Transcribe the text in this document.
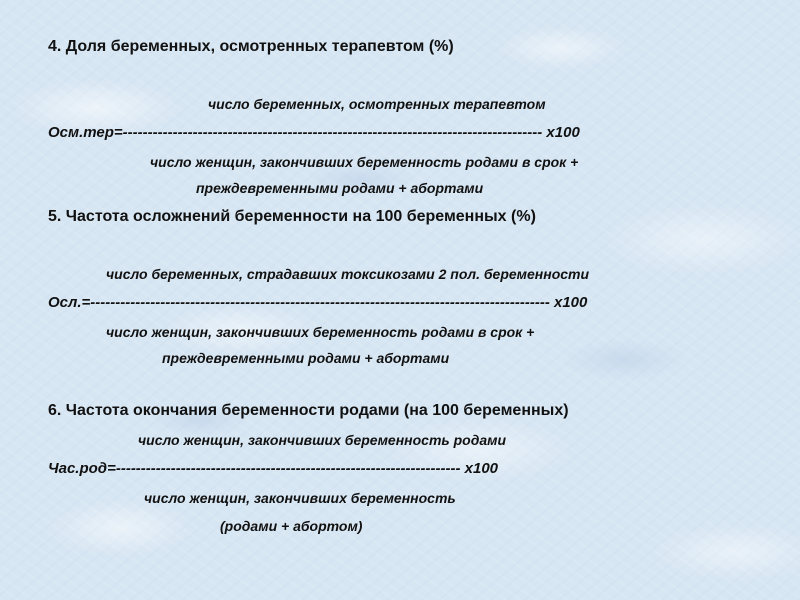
4. Доля беременных, осмотренных терапевтом (%)
число беременных, осмотренных терапевтом
Осм.тер=------------------------------------------------------------------------------------ х100
число женщин, закончивших беременность родами в срок +
преждевременными родами + абортами
5. Частота осложнений беременности на 100 беременных (%)
число беременных, страдавших токсикозами 2 пол. беременности
Осл.=-------------------------------------------------------------------------------------------- х100
число женщин, закончивших беременность родами в срок +
преждевременными родами + абортами
6. Частота окончания беременности родами (на 100 беременных)
число женщин, закончивших беременность родами
Час.род=--------------------------------------------------------------------- х100
число женщин, закончивших беременность
(родами + абортом)
